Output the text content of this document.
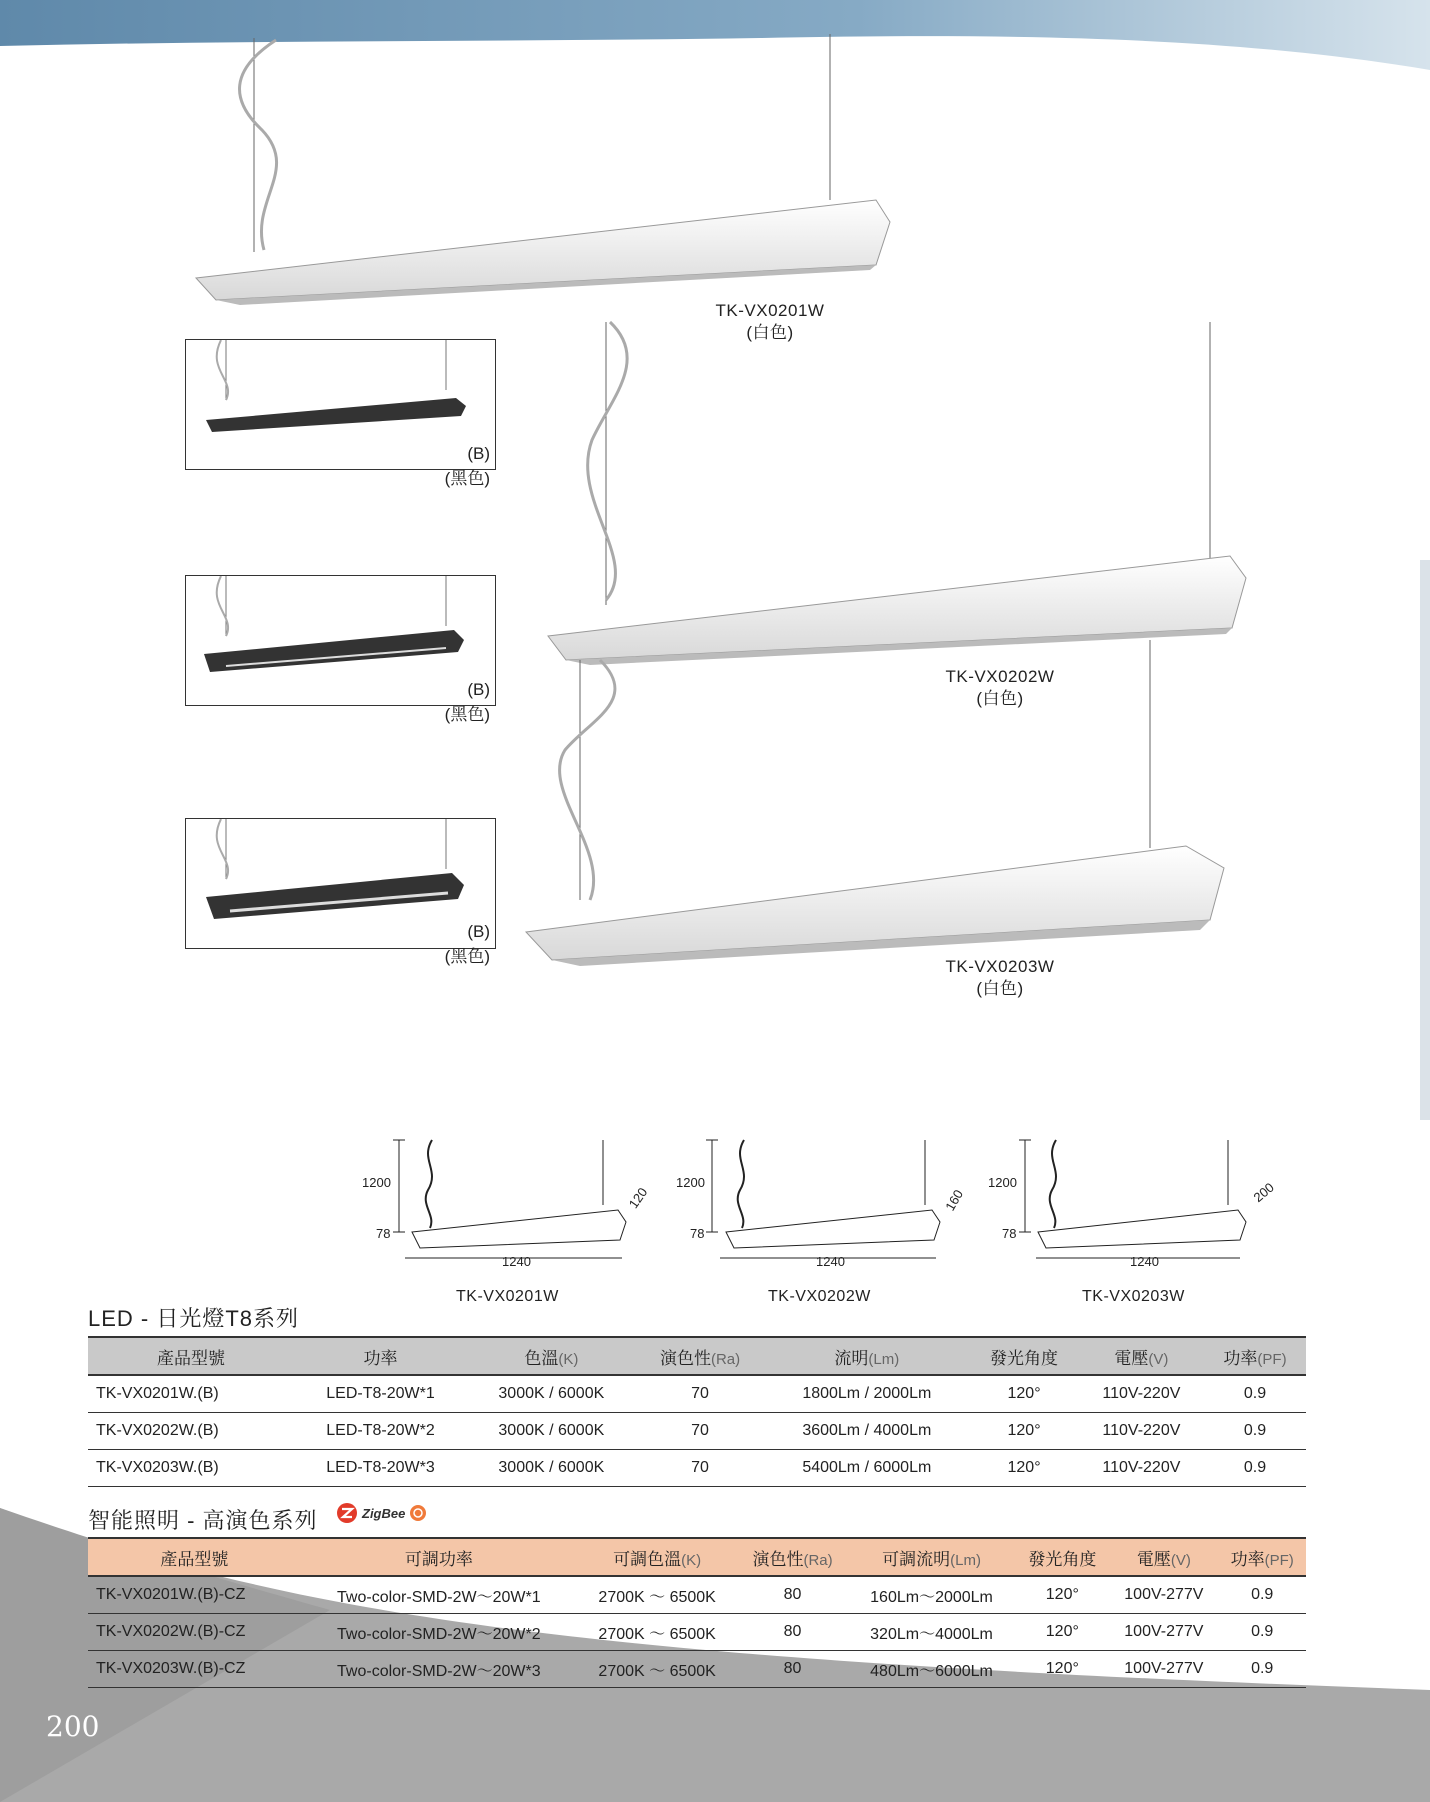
1200
78
1240
120
1200
78
1240
160
1200
78
1240
200
TK-VX0201W
(白色)
TK-VX0202W
(白色)
TK-VX0203W
(白色)
(B)
(黑色)
(B)
(黑色)
(B)
(黑色)
TK-VX0201W	TK-VX0202W	TK-VX0203W
LED - 日光燈T8系列
產品型號	功率	色溫(K)	演色性(Ra)	流明(Lm)	發光角度	電壓(V)	功率(PF)
TK-VX0201W.(B)	LED-T8-20W*1	3000K / 6000K	70	1800Lm / 2000Lm	120°	110V-220V	0.9
TK-VX0202W.(B)	LED-T8-20W*2	3000K / 6000K	70	3600Lm / 4000Lm	120°	110V-220V	0.9
TK-VX0203W.(B)	LED-T8-20W*3	3000K / 6000K	70	5400Lm / 6000Lm	120°	110V-220V	0.9
智能照明 - 高演色系列	ZigBee
產品型號	可調功率	可調色溫(K)	演色性(Ra)	可調流明(Lm)	發光角度	電壓(V)	功率(PF)
TK-VX0201W.(B)-CZ	Two-color-SMD-2W～20W*1	2700K ～ 6500K	80	160Lm～2000Lm	120°	100V-277V	0.9
TK-VX0202W.(B)-CZ	Two-color-SMD-2W～20W*2	2700K ～ 6500K	80	320Lm～4000Lm	120°	100V-277V	0.9
TK-VX0203W.(B)-CZ	Two-color-SMD-2W～20W*3	2700K ～ 6500K	80	480Lm～6000Lm	120°	100V-277V	0.9
200
